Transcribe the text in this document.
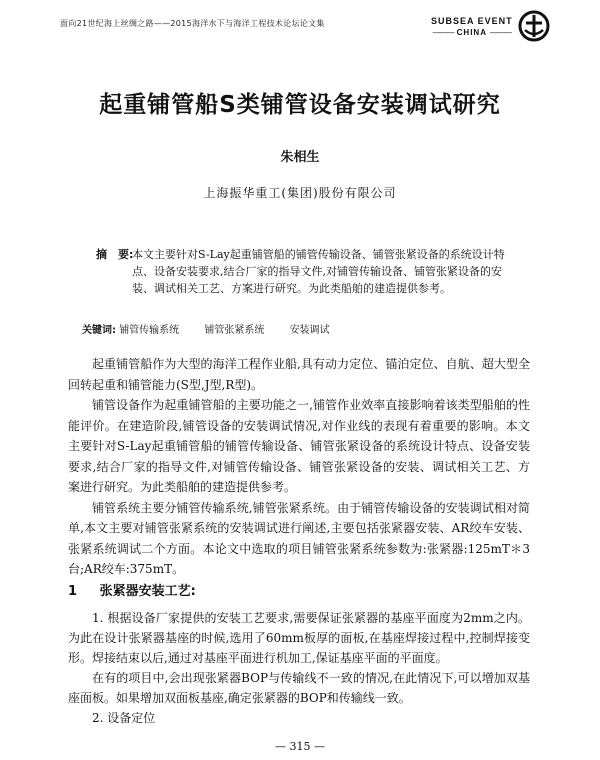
面向21世纪海上丝绸之路——2015海洋水下与海洋工程技术论坛论文集	SUBSEA EVENT
——— CHINA ———
起重铺管船S类铺管设备安装调试研究
朱相生
上海振华重工(集团)股份有限公司
摘　要:
本文主要针对S-Lay起重铺管船的铺管传输设备、铺管张紧设备的系统设计特点、设备安装要求,结合厂家的指导文件,对铺管传输设备、铺管张紧设备的安装、调试相关工艺、方案进行研究。为此类船舶的建造提供参考。
关键词: 铺管传输系统	铺管张紧系统	安装调试

起重铺管船作为大型的海洋工程作业船,具有动力定位、锚泊定位、自航、超大型全回转起重和铺管能力(S型,J型,R型)。

铺管设备作为起重铺管船的主要功能之一,铺管作业效率直接影响着该类型船舶的性能评价。在建造阶段,铺管设备的安装调试情况,对作业线的表现有着重要的影响。本文主要针对S-Lay起重铺管船的铺管传输设备、铺管张紧设备的系统设计特点、设备安装要求,结合厂家的指导文件,对铺管传输设备、铺管张紧设备的安装、调试相关工艺、方案进行研究。为此类船舶的建造提供参考。

铺管系统主要分铺管传输系统,铺管张紧系统。由于铺管传输设备的安装调试相对简单,本文主要对铺管张紧系统的安装调试进行阐述,主要包括张紧器安装、AR绞车安装、张紧系统调试二个方面。本论文中选取的项目铺管张紧系统参数为:张紧器:125mT＊3台;AR绞车:375mT。

1 张紧器安装工艺:

1. 根据设备厂家提供的安装工艺要求,需要保证张紧器的基座平面度为2mm之内。为此在设计张紧器基座的时候,选用了60mm板厚的面板,在基座焊接过程中,控制焊接变形。焊接结束以后,通过对基座平面进行机加工,保证基座平面的平面度。

在有的项目中,会出现张紧器BOP与传输线不一致的情况,在此情况下,可以增加双基座面板。如果增加双面板基座,确定张紧器的BOP和传输线一致。

2. 设备定位

— 315 —
